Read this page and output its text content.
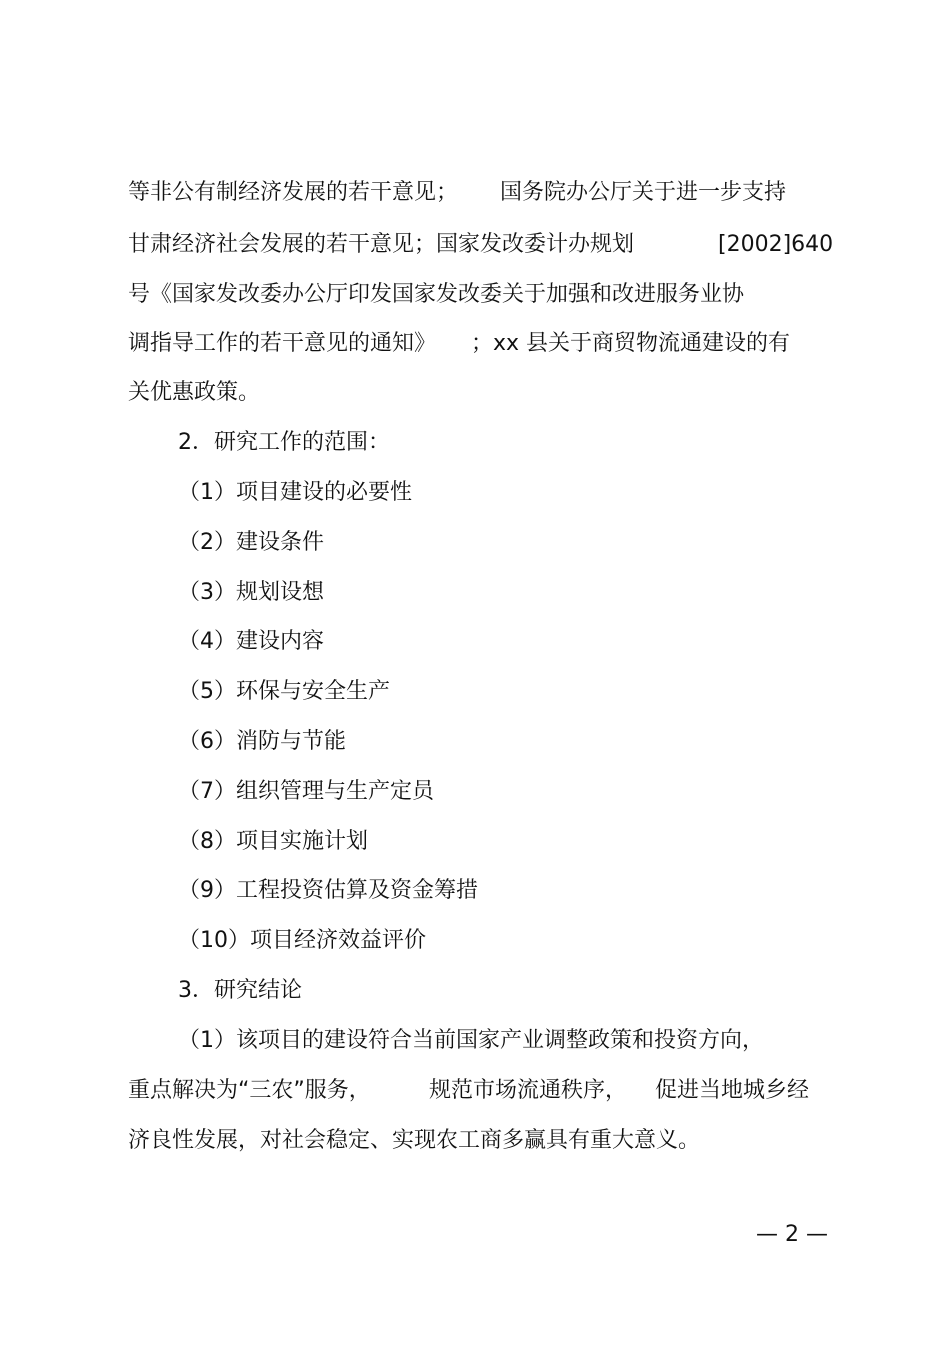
等非公有制经济发展的若干意见；

国务院办公厅关于进一步支持

甘肃经济社会发展的若干意见；国家发改委计办规划

	[2002]640

号《国家发改委办公厅印发国家发改委关于加强和改进服务业协

调指导工作的若干意见的通知》

；xx 县关于商贸物流通建设的有

关优惠政策。
2．研究工作的范围：
（1）项目建设的必要性
（2）建设条件
（3）规划设想
（4）建设内容
（5）环保与安全生产
（6）消防与节能
（7）组织管理与生产定员
（8）项目实施计划
（9）工程投资估算及资金筹措
（10）项目经济效益评价
3．研究结论
（1）该项目的建设符合当前国家产业调整政策和投资方向，

重点解决为“三农”服务，

	规范市场流通秩序，

促进当地城乡经

济良性发展，对社会稳定、实现农工商多赢具有重大意义。
— 2 —
